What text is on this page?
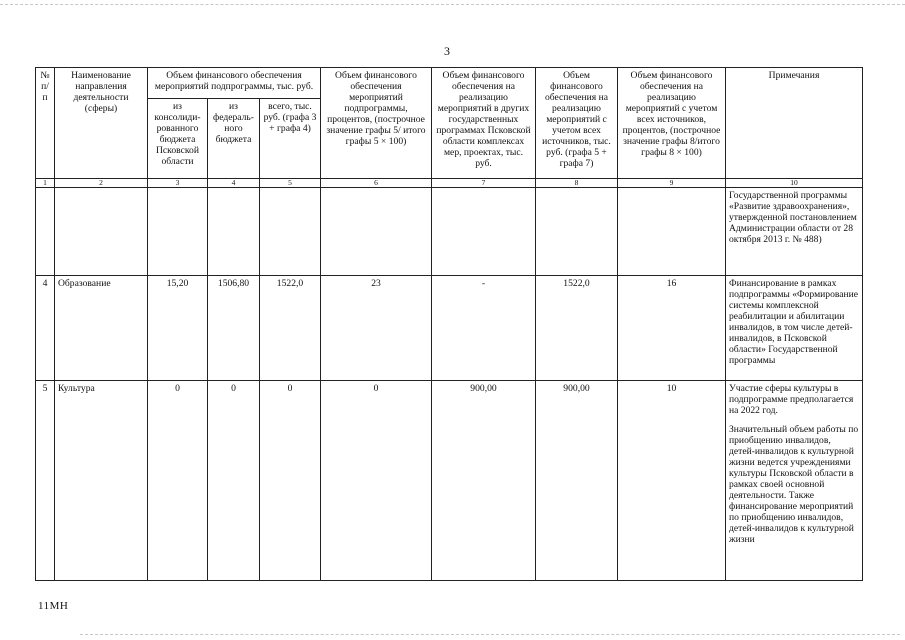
3
№ п/п	Наименование направления деятельности (сферы)	Объем финансового обеспечения мероприятий подпрограммы, тыс. руб.			Объем финансового обеспечения мероприятий подпрограммы, процентов, (построчное значение графы 5/ итого графы 5 × 100)	Объем финансового обеспечения на реализацию мероприятий в других государственных программах Псковской области комплексах мер, проектах, тыс. руб.	Объем финансового обеспечения на реализацию мероприятий с учетом всех источников, тыс. руб. (графа 5 + графа 7)	Объем финансового обеспечения на реализацию мероприятий с учетом всех источников, процентов, (построчное значение графы 8/итого графы 8 × 100)	Примечания
		из консолиди-рованного бюджета Псковской области	из федераль-ного бюджета	всего, тыс. руб. (графа 3 + графа 4)					
1	2	3	4	5	6	7	8	9	10
									Государственной программы «Развитие здравоохранения», утвержденной постановлением Администрации области от 28 октября 2013 г. № 488)
4	Образование	15,20	1506,80	1522,0	23	-	1522,0	16	Финансирование в рамках подпрограммы «Формирование системы комплексной реабилитации и абилитации инвалидов, в том числе детей-инвалидов, в Псковской области» Государственной программы
5	Культура	0	0	0	0	900,00	900,00	10	Участие сферы культуры в подпрограмме предполагается на 2022 год.

Значительный объем работы по приобщению инвалидов, детей-инвалидов к культурной жизни ведется учреждениями культуры Псковской области в рамках своей основной деятельности. Также финансирование мероприятий по приобщению инвалидов, детей-инвалидов к культурной жизни

11МН
